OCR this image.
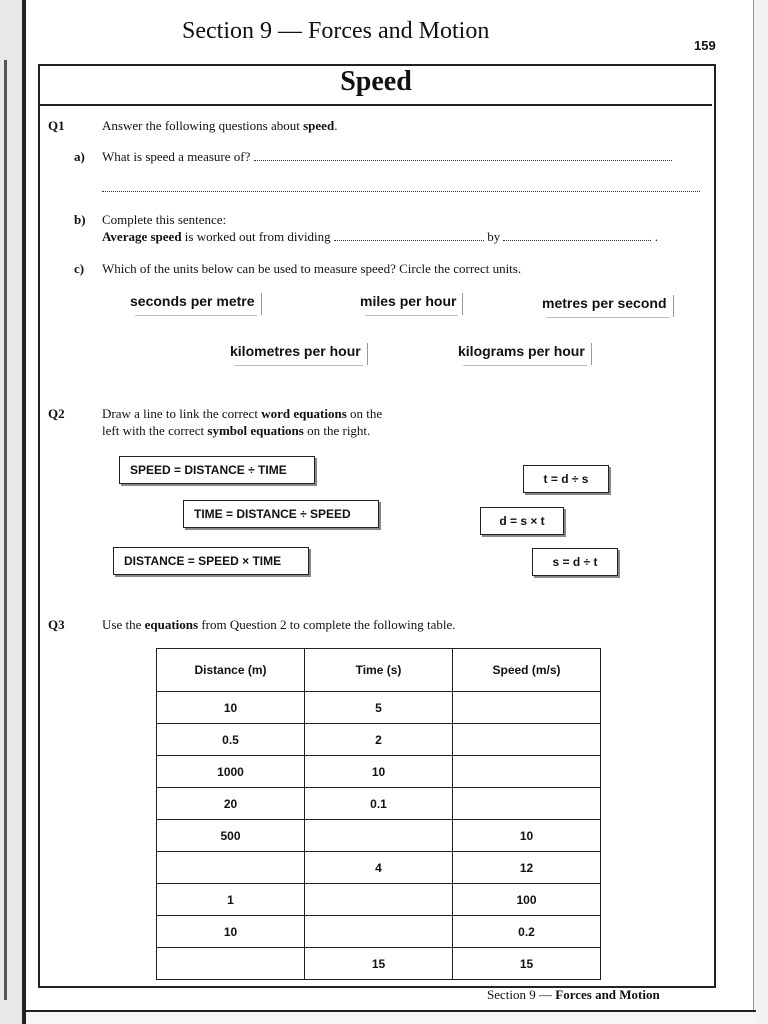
Section 9 — Forces and Motion
159
Speed
Q1	Answer the following questions about speed.
a) What is speed a measure of?
b) Complete this sentence:
Average speed is worked out from dividing	by	.
c) Which of the units below can be used to measure speed? Circle the correct units.
seconds per metre	miles per hour	metres per second
kilometres per hour	kilograms per hour
Q2	Draw a line to link the correct word equations on the
left with the correct symbol equations on the right.
SPEED = DISTANCE ÷ TIME
TIME = DISTANCE ÷ SPEED
DISTANCE = SPEED × TIME
t = d ÷ s
d = s × t
s = d ÷ t
Q3	Use the equations from Question 2 to complete the following table.
Distance (m)	Time (s)	Speed (m/s)
10	5	
0.5	2	
1000	10	
20	0.1	
500		10
	4	12
1		100
10		0.2
	15	15
Section 9 — Forces and Motion
